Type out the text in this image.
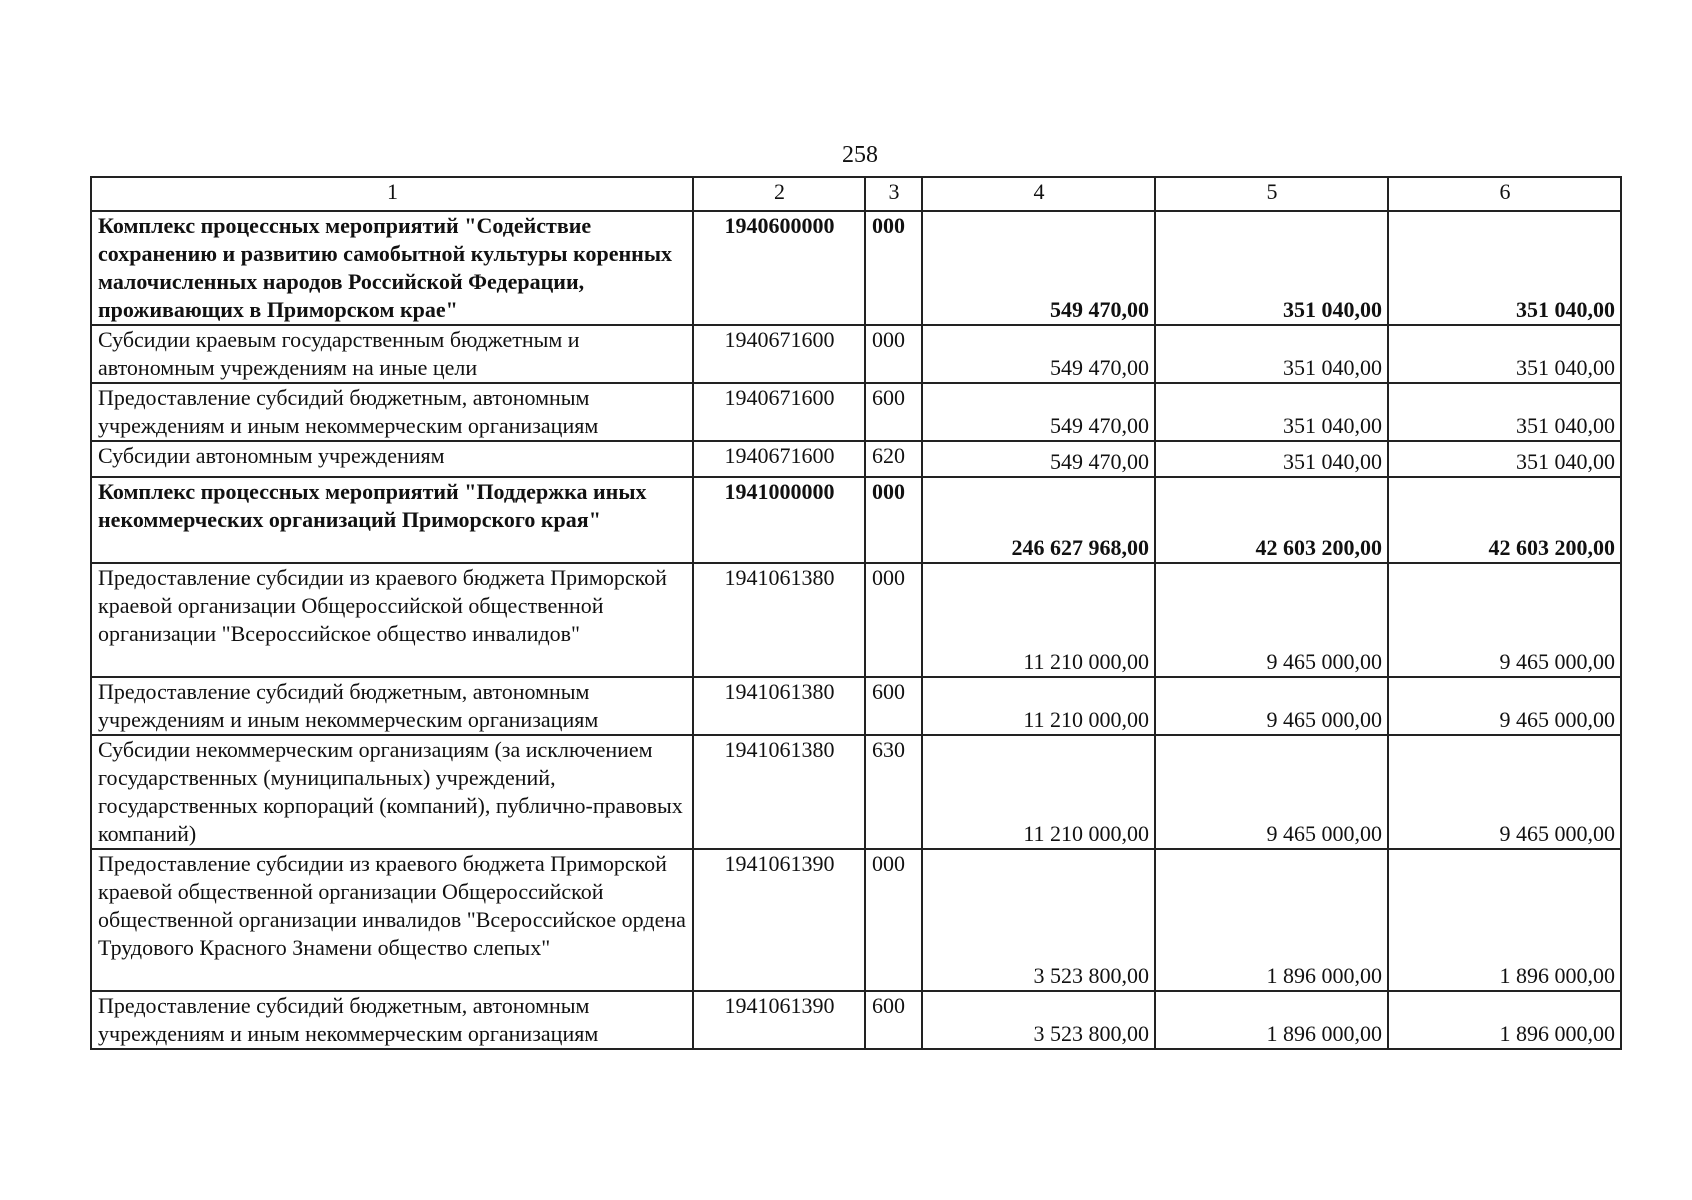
258
1	2	3	4	5	6
Комплекс процессных мероприятий "Содействие сохранению и развитию самобытной культуры коренных малочисленных народов Российской Федерации, проживающих в Приморском крае"	1940600000	000	549 470,00	351 040,00	351 040,00
Субсидии краевым государственным бюджетным и автономным учреждениям на иные цели	1940671600	000	549 470,00	351 040,00	351 040,00
Предоставление субсидий бюджетным, автономным учреждениям и иным некоммерческим организациям	1940671600	600	549 470,00	351 040,00	351 040,00
Субсидии автономным учреждениям	1940671600	620	549 470,00	351 040,00	351 040,00
Комплекс процессных мероприятий "Поддержка иных некоммерческих организаций Приморского края"	1941000000	000	246 627 968,00	42 603 200,00	42 603 200,00
Предоставление субсидии из краевого бюджета Приморской краевой организации Общероссийской общественной организации "Всероссийское общество инвалидов"	1941061380	000	11 210 000,00	9 465 000,00	9 465 000,00
Предоставление субсидий бюджетным, автономным учреждениям и иным некоммерческим организациям	1941061380	600	11 210 000,00	9 465 000,00	9 465 000,00
Субсидии некоммерческим организациям (за исключением государственных (муниципальных) учреждений, государственных корпораций (компаний), публично-правовых компаний)	1941061380	630	11 210 000,00	9 465 000,00	9 465 000,00
Предоставление субсидии из краевого бюджета Приморской краевой общественной организации Общероссийской общественной организации инвалидов "Всероссийское ордена Трудового Красного Знамени общество слепых"	1941061390	000	3 523 800,00	1 896 000,00	1 896 000,00
Предоставление субсидий бюджетным, автономным учреждениям и иным некоммерческим организациям	1941061390	600	3 523 800,00	1 896 000,00	1 896 000,00
